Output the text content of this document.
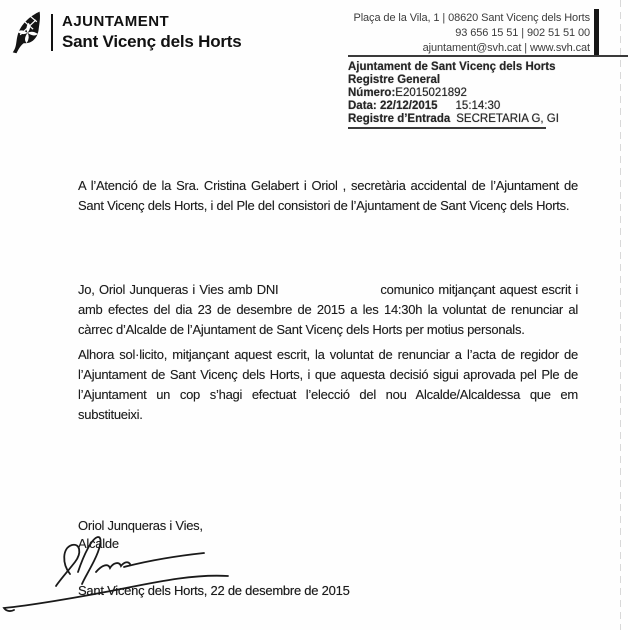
AJUNTAMENT
Sant Vicenç dels Horts
Plaça de la Vila, 1 | 08620 Sant Vicenç dels Horts
93 656 15 51 | 902 51 51 00
ajuntament@svh.cat | www.svh.cat
Ajuntament de Sant Vicenç dels Horts
Registre General
Número:E2015021892
Data: 22/12/2015 15:14:30
Registre d’Entrada SECRETARIA G, GI

A l’Atenció de la Sra. Cristina Gelabert i Oriol , secretària accidental de l’Ajuntament de Sant Vicenç dels Horts, i del Ple del consistori de l’Ajuntament de Sant Vicenç dels Horts.

Jo, Oriol Junqueras i Vies amb DNI	comunico mitjançant aquest escrit i amb efectes del dia 23 de desembre de 2015 a les 14:30h la voluntat de renunciar al càrrec d’Alcalde de l’Ajuntament de Sant Vicenç dels Horts per motius personals.

Alhora sol·licito, mitjançant aquest escrit, la voluntat de renunciar a l’acta de regidor de l’Ajuntament de Sant Vicenç dels Horts, i que aquesta decisió sigui aprovada pel Ple de l’Ajuntament un cop s’hagi efectuat l’elecció del nou Alcalde/Alcaldessa que em substitueixi.

Oriol Junqueras i Vies,
Alcalde
Sant Vicenç dels Horts, 22 de desembre de 2015
